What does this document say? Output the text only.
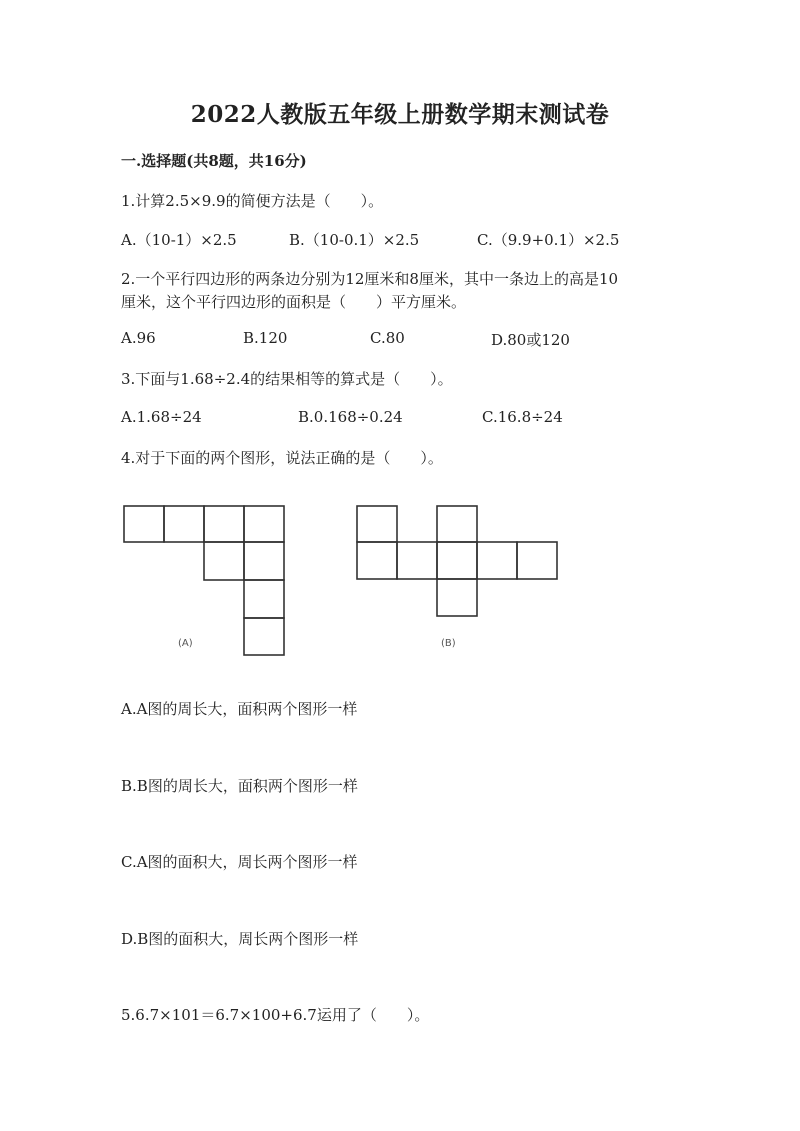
2022人教版五年级上册数学期末测试卷
一.选择题(共8题，共16分)
1.计算2.5×9.9的简便方法是（　　）。
A.（10-1）×2.5	B.（10-0.1）×2.5	C.（9.9+0.1）×2.5
2.一个平行四边形的两条边分别为12厘米和8厘米，其中一条边上的高是10
厘米，这个平行四边形的面积是（　　）平方厘米。
A.96	B.120	C.80	D.80或120
3.下面与1.68÷2.4的结果相等的算式是（　　）。
A.1.68÷24	B.0.168÷0.24	C.16.8÷24
4.对于下面的两个图形，说法正确的是（　　）。
(A)	(B)
A.A图的周长大，面积两个图形一样
B.B图的周长大，面积两个图形一样
C.A图的面积大，周长两个图形一样
D.B图的面积大，周长两个图形一样
5.6.7×101＝6.7×100+6.7运用了（　　）。
